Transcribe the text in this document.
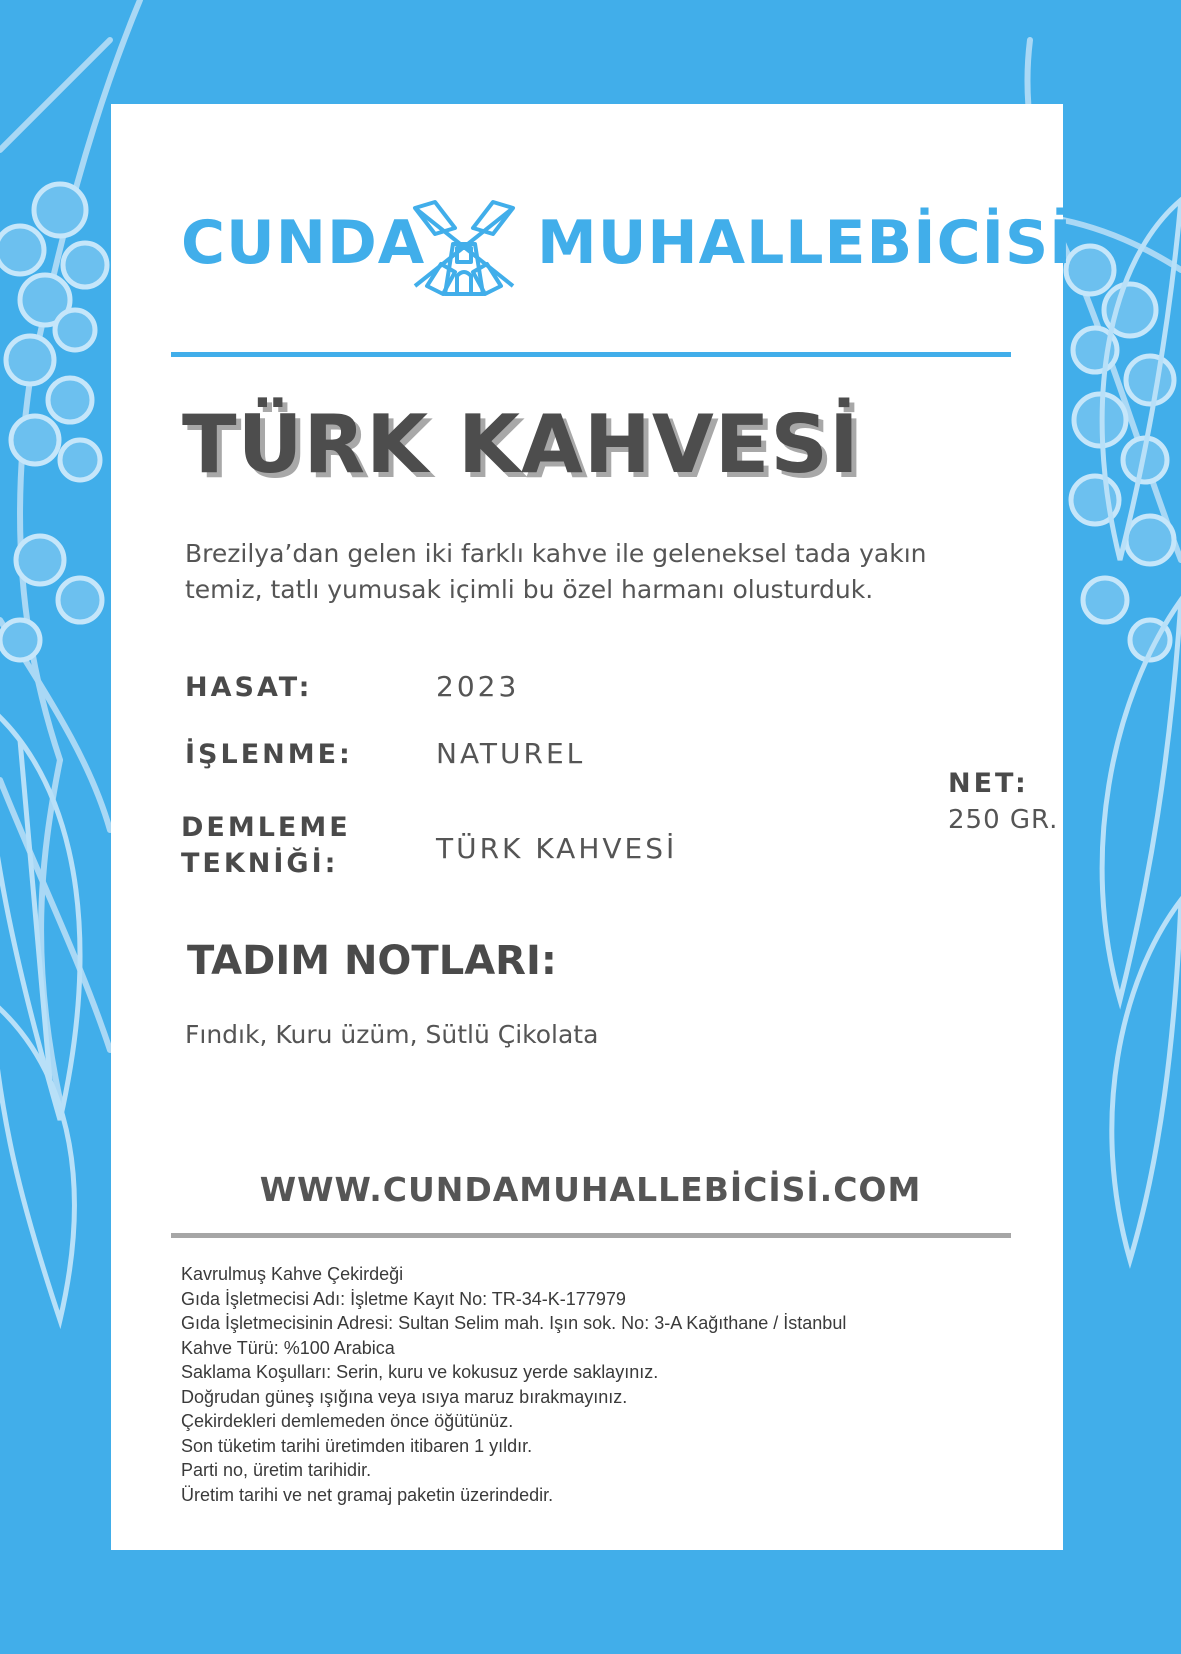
CUNDA MUHALLEBİCİSİ
TÜRK KAHVESİ
Brezilya’dan gelen iki farklı kahve ile geleneksel tada yakın
temiz, tatlı yumusak içimli bu özel harmanı olusturduk.
HASAT:	2023
İŞLENME:	NATUREL
DEMLEME
TEKNİĞİ:	TÜRK KAHVESİ
NET:
250 GR.
TADIM NOTLARI:
Fındık, Kuru üzüm, Sütlü Çikolata
WWW.CUNDAMUHALLEBİCİSİ.COM
Kavrulmuş Kahve Çekirdeği
Gıda İşletmecisi Adı: İşletme Kayıt No: TR-34-K-177979
Gıda İşletmecisinin Adresi: Sultan Selim mah. Işın sok. No: 3-A Kağıthane / İstanbul
Kahve Türü: %100 Arabica
Saklama Koşulları: Serin, kuru ve kokusuz yerde saklayınız.
Doğrudan güneş ışığına veya ısıya maruz bırakmayınız.
Çekirdekleri demlemeden önce öğütünüz.
Son tüketim tarihi üretimden itibaren 1 yıldır.
Parti no, üretim tarihidir.
Üretim tarihi ve net gramaj paketin üzerindedir.
